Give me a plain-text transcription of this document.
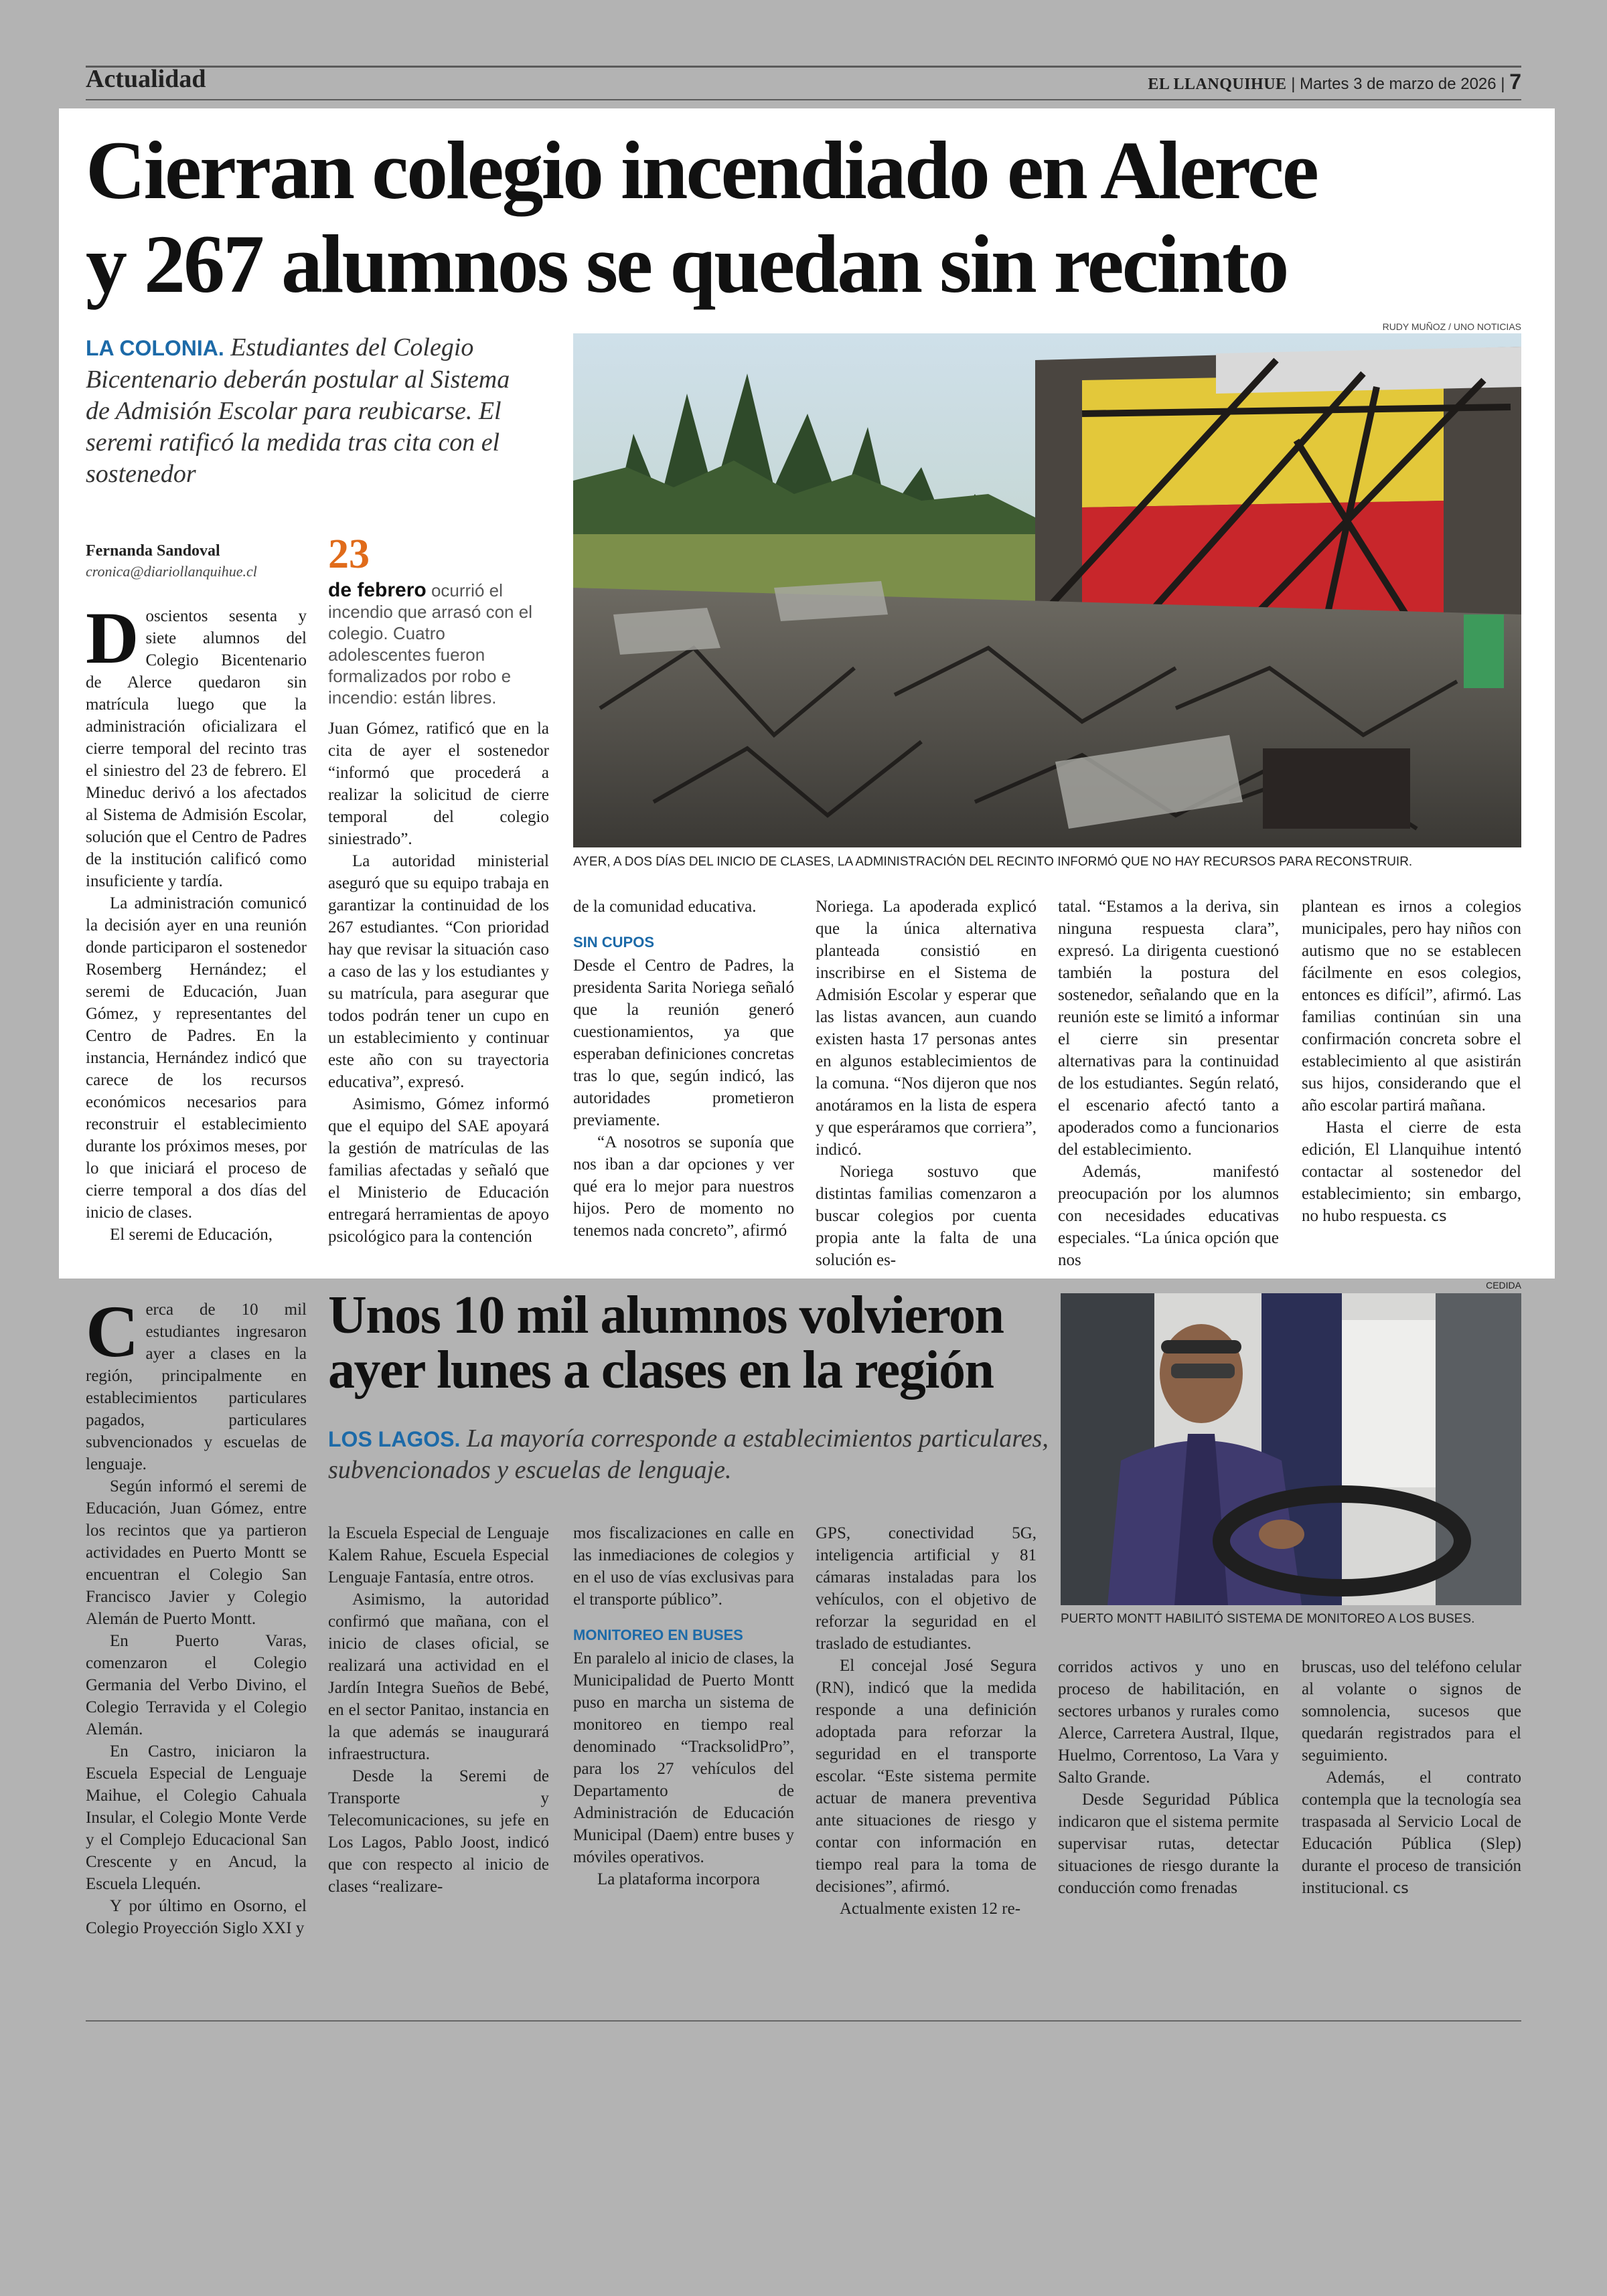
Actualidad	EL LLANQUIHUE | Martes 3 de marzo de 2026 | 7
Cierran colegio incendiado en Alerce
y 267 alumnos se quedan sin recinto
LA COLONIA. Estudiantes del Colegio Bicentenario deberán postular al Sistema de Admisión Escolar para reubicarse. El seremi ratificó la medida tras cita con el sostenedor
RUDY MUÑOZ / UNO NOTICIAS
AYER, A DOS DÍAS DEL INICIO DE CLASES, LA ADMINISTRACIÓN DEL RECINTO INFORMÓ QUE NO HAY RECURSOS PARA RECONSTRUIR.
Fernanda Sandoval
cronica@diariollanquihue.cl	23
de febrero ocurrió el incendio que arrasó con el colegio. Cuatro adolescentes fueron formalizados por robo e incendio: están libres.

Doscientos sesenta y siete alumnos del Colegio Bicentenario de Alerce quedaron sin matrícula luego que la administración oficializara el cierre temporal del recinto tras el siniestro del 23 de febrero. El Mineduc derivó a los afectados al Sistema de Admisión Escolar, solución que el Centro de Padres de la institución calificó como insuficiente y tardía.

La administración comunicó la decisión ayer en una reunión donde participaron el sostenedor Rosemberg Hernández; el seremi de Educación, Juan Gómez, y representantes del Centro de Padres. En la instancia, Hernández indicó que carece de los recursos económicos necesarios para reconstruir el establecimiento durante los próximos meses, por lo que iniciará el proceso de cierre temporal a dos días del inicio de clases.

El seremi de Educación,

Juan Gómez, ratificó que en la cita de ayer el sostenedor “informó que procederá a realizar la solicitud de cierre temporal del colegio siniestrado”.

La autoridad ministerial aseguró que su equipo trabaja en garantizar la continuidad de los 267 estudiantes. “Con prioridad hay que revisar la situación caso a caso de las y los estudiantes y su matrícula, para asegurar que todos podrán tener un cupo en un establecimiento y continuar este año con su trayectoria educativa”, expresó.

Asimismo, Gómez informó que el equipo del SAE apoyará la gestión de matrículas de las familias afectadas y señaló que el Ministerio de Educación entregará herramientas de apoyo psicológico para la contención

de la comunidad educativa.

SIN CUPOS

Desde el Centro de Padres, la presidenta Sarita Noriega señaló que la reunión generó cuestionamientos, ya que esperaban definiciones concretas tras lo que, según indicó, las autoridades prometieron previamente.

“A nosotros se suponía que nos iban a dar opciones y ver qué era lo mejor para nuestros hijos. Pero de momento no tenemos nada concreto”, afirmó

Noriega. La apoderada explicó que la única alternativa planteada consistió en inscribirse en el Sistema de Admisión Escolar y esperar que las listas avancen, aun cuando existen hasta 17 personas antes en algunos establecimientos de la comuna. “Nos dijeron que nos anotáramos en la lista de espera y que esperáramos que corriera”, indicó.

Noriega sostuvo que distintas familias comenzaron a buscar colegios por cuenta propia ante la falta de una solución es-

tatal. “Estamos a la deriva, sin ninguna respuesta clara”, expresó. La dirigenta cuestionó también la postura del sostenedor, señalando que en la reunión este se limitó a informar el cierre sin presentar alternativas para la continuidad de los estudiantes. Según relató, el escenario afectó tanto a apoderados como a funcionarios del establecimiento.

Además, manifestó preocupación por los alumnos con necesidades educativas especiales. “La única opción que nos

plantean es irnos a colegios municipales, pero hay niños con autismo que no se establecen fácilmente en esos colegios, entonces es difícil”, afirmó. Las familias continúan sin una confirmación concreta sobre el establecimiento al que asistirán sus hijos, considerando que el año escolar partirá mañana.

Hasta el cierre de esta edición, El Llanquihue intentó contactar al sostenedor del establecimiento; sin embargo, no hubo respuesta. cs

Unos 10 mil alumnos volvieron
ayer lunes a clases en la región
LOS LAGOS. La mayoría corresponde a establecimientos particulares, subvencionados y escuelas de lenguaje.
CEDIDA
PUERTO MONTT HABILITÓ SISTEMA DE MONITOREO A LOS BUSES.

Cerca de 10 mil estudiantes ingresaron ayer a clases en la región, principalmente en establecimientos particulares pagados, particulares subvencionados y escuelas de lenguaje.

Según informó el seremi de Educación, Juan Gómez, entre los recintos que ya partieron actividades en Puerto Montt se encuentran el Colegio San Francisco Javier y Colegio Alemán de Puerto Montt.

En Puerto Varas, comenzaron el Colegio Germania del Verbo Divino, el Colegio Terravida y el Colegio Alemán.

En Castro, iniciaron la Escuela Especial de Lenguaje Maihue, el Colegio Cahuala Insular, el Colegio Monte Verde y el Complejo Educacional San Crescente y en Ancud, la Escuela Llequén.

Y por último en Osorno, el Colegio Proyección Siglo XXI y

la Escuela Especial de Lenguaje Kalem Rahue, Escuela Especial Lenguaje Fantasía, entre otros.

Asimismo, la autoridad confirmó que mañana, con el inicio de clases oficial, se realizará una actividad en el Jardín Integra Sueños de Bebé, en el sector Panitao, instancia en la que además se inaugurará infraestructura.

Desde la Seremi de Transporte y Telecomunicaciones, su jefe en Los Lagos, Pablo Joost, indicó que con respecto al inicio de clases “realizare-

mos fiscalizaciones en calle en las inmediaciones de colegios y en el uso de vías exclusivas para el transporte público”.

MONITOREO EN BUSES

En paralelo al inicio de clases, la Municipalidad de Puerto Montt puso en marcha un sistema de monitoreo en tiempo real denominado “TracksolidPro”, para los 27 vehículos del Departamento de Administración de Educación Municipal (Daem) entre buses y móviles operativos.

La plataforma incorpora

GPS, conectividad 5G, inteligencia artificial y 81 cámaras instaladas para los vehículos, con el objetivo de reforzar la seguridad en el traslado de estudiantes.

El concejal José Segura (RN), indicó que la medida responde a una definición adoptada para reforzar la seguridad en el transporte escolar. “Este sistema permite actuar de manera preventiva ante situaciones de riesgo y contar con información en tiempo real para la toma de decisiones”, afirmó.

Actualmente existen 12 re-

corridos activos y uno en proceso de habilitación, en sectores urbanos y rurales como Alerce, Carretera Austral, Ilque, Huelmo, Correntoso, La Vara y Salto Grande.

Desde Seguridad Pública indicaron que el sistema permite supervisar rutas, detectar situaciones de riesgo durante la conducción como frenadas

bruscas, uso del teléfono celular al volante o signos de somnolencia, sucesos que quedarán registrados para el seguimiento.

Además, el contrato contempla que la tecnología sea traspasada al Servicio Local de Educación Pública (Slep) durante el proceso de transición institucional. cs
